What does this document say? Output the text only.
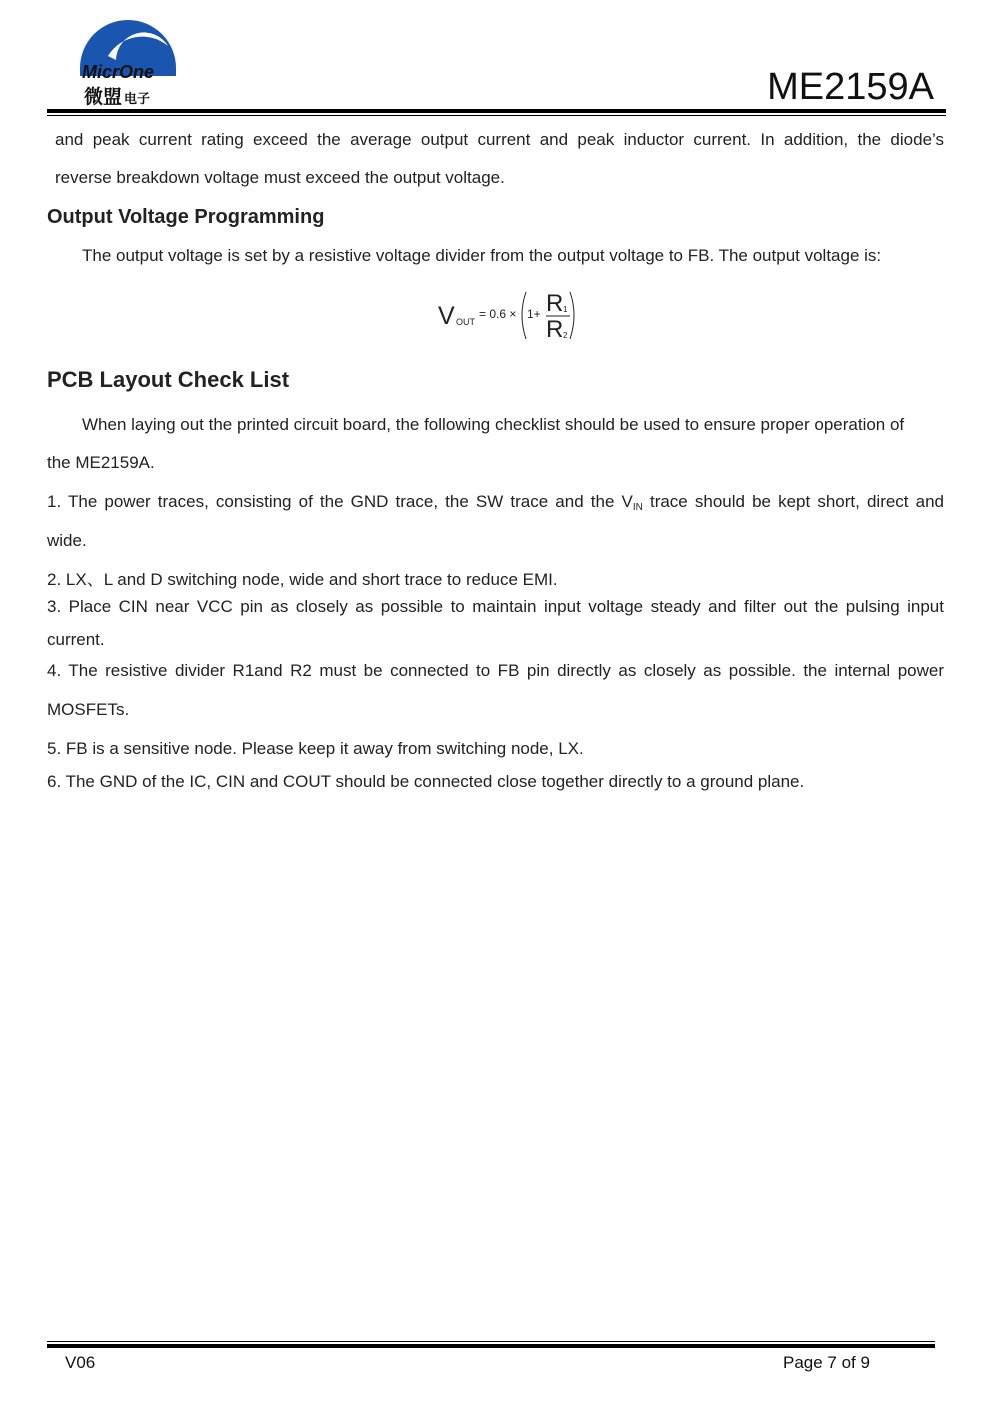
MicrOne
微盟 电子	ME2159A
and peak current rating exceed the average output current and peak inductor current. In addition, the diode’s
reverse breakdown voltage must exceed the output voltage.
Output Voltage Programming
The output voltage is set by a resistive voltage divider from the output voltage to FB. The output voltage is:
V OUT
= 0.6 × 1+ R 1
R 2
PCB Layout Check List
When laying out the printed circuit board, the following checklist should be used to ensure proper operation of
the ME2159A.
1. The power traces, consisting of the GND trace, the SW trace and the $V_{IN}$ trace should be kept short, direct and
wide.
2. LX、L and D switching node, wide and short trace to reduce EMI.
3. Place CIN near VCC pin as closely as possible to maintain input voltage steady and filter out the pulsing input
current.
4. The resistive divider R1and R2 must be connected to FB pin directly as closely as possible. the internal power
MOSFETs.
5. FB is a sensitive node. Please keep it away from switching node, LX.
6. The GND of the IC, CIN and COUT should be connected close together directly to a ground plane.
V06	Page 7 of 9
